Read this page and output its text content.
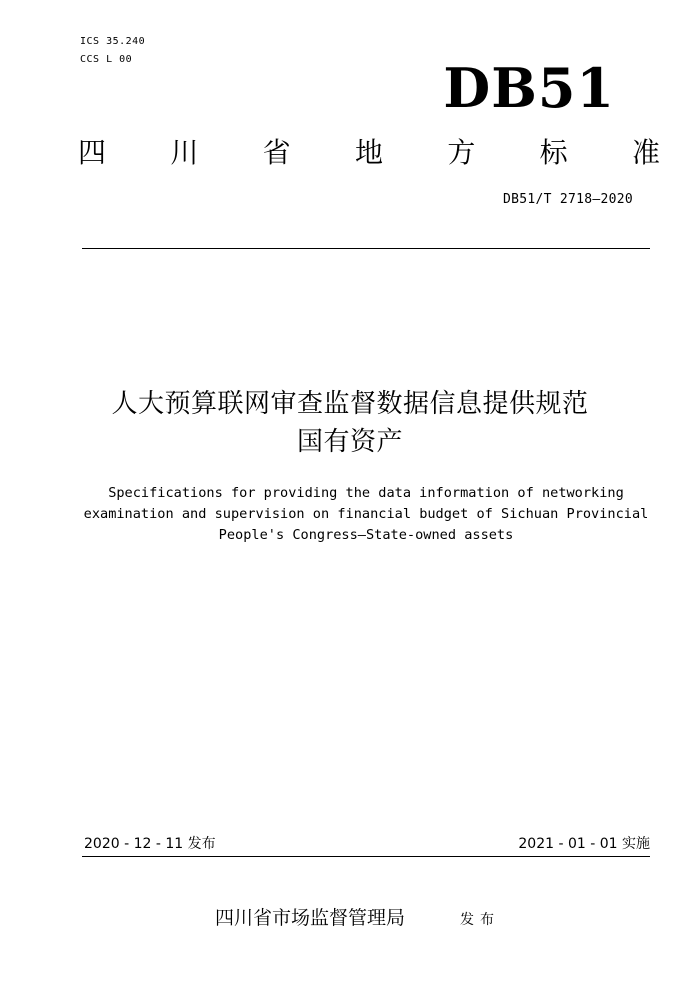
ICS 35.240
CCS L 00	DB51
四 川 省 地 方 标 准
DB51/T 2718—2020
人大预算联网审查监督数据信息提供规范
国有资产
Specifications for providing the data information of networking
examination and supervision on financial budget of Sichuan Provincial
People's Congress—State-owned assets
2020 - 12 - 11 发布	2021 - 01 - 01 实施
四川省市场监督管理局	发布
